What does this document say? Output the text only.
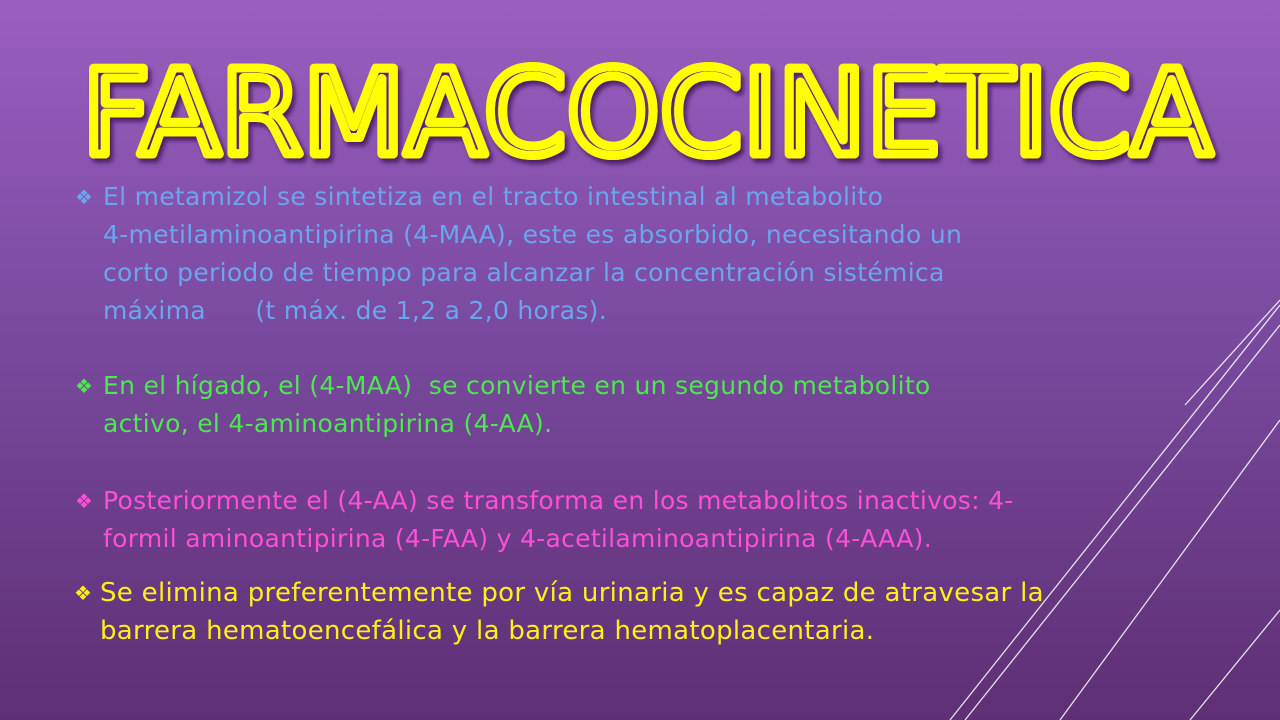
FARMACOCINETICA
❖ El metamizol se sintetiza en el tracto intestinal al metabolito
4-metilaminoantipirina (4-MAA), este es absorbido, necesitando un
corto periodo de tiempo para alcanzar la concentración sistémica
máxima      (t máx. de 1,2 a 2,0 horas).
❖ En el hígado, el (4-MAA)  se convierte en un segundo metabolito
activo, el 4-aminoantipirina (4-AA).
❖ Posteriormente el (4-AA) se transforma en los metabolitos inactivos: 4-
formil aminoantipirina (4-FAA) y 4-acetilaminoantipirina (4-AAA).
❖ Se elimina preferentemente por vía urinaria y es capaz de atravesar la
barrera hematoencefálica y la barrera hematoplacentaria.
